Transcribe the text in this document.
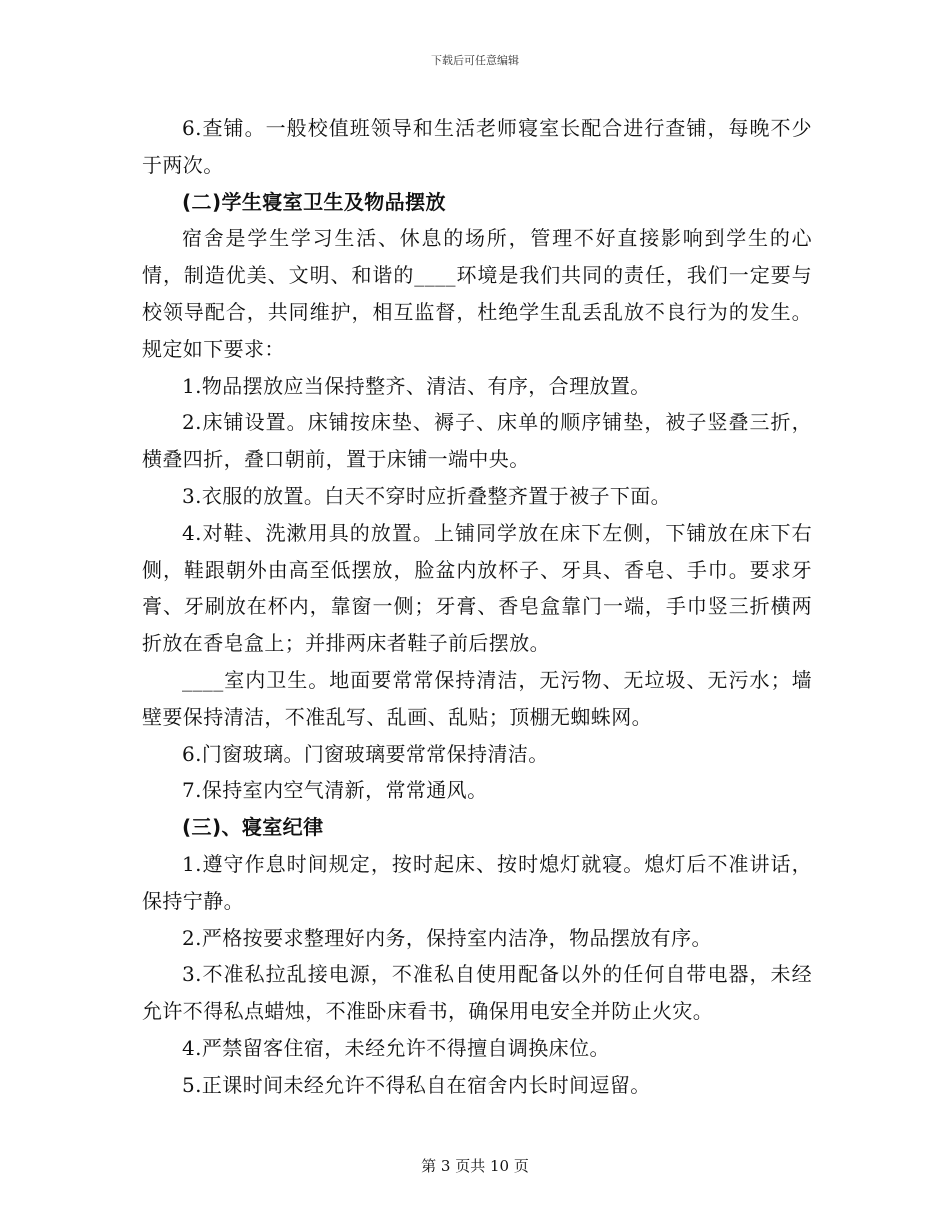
下载后可任意编辑

6.查铺。一般校值班领导和生活老师寝室长配合进行查铺，每晚不少于两次。

(二)学生寝室卫生及物品摆放

宿舍是学生学习生活、休息的场所，管理不好直接影响到学生的心情，制造优美、文明、和谐的____环境是我们共同的责任，我们一定要与校领导配合，共同维护，相互监督，杜绝学生乱丢乱放不良行为的发生。规定如下要求：

1.物品摆放应当保持整齐、清洁、有序，合理放置。

2.床铺设置。床铺按床垫、褥子、床单的顺序铺垫，被子竖叠三折，横叠四折，叠口朝前，置于床铺一端中央。

3.衣服的放置。白天不穿时应折叠整齐置于被子下面。

4.对鞋、洗漱用具的放置。上铺同学放在床下左侧，下铺放在床下右侧，鞋跟朝外由高至低摆放，脸盆内放杯子、牙具、香皂、手巾。要求牙膏、牙刷放在杯内，靠窗一侧；牙膏、香皂盒靠门一端，手巾竖三折横两折放在香皂盒上；并排两床者鞋子前后摆放。

____室内卫生。地面要常常保持清洁，无污物、无垃圾、无污水；墙壁要保持清洁，不准乱写、乱画、乱贴；顶棚无蜘蛛网。

6.门窗玻璃。门窗玻璃要常常保持清洁。

7.保持室内空气清新，常常通风。

(三)、寝室纪律

1.遵守作息时间规定，按时起床、按时熄灯就寝。熄灯后不准讲话，保持宁静。

2.严格按要求整理好内务，保持室内洁净，物品摆放有序。

3.不准私拉乱接电源，不准私自使用配备以外的任何自带电器，未经允许不得私点蜡烛，不准卧床看书，确保用电安全并防止火灾。

4.严禁留客住宿，未经允许不得擅自调换床位。

5.正课时间未经允许不得私自在宿舍内长时间逗留。

第 3 页共 10 页
